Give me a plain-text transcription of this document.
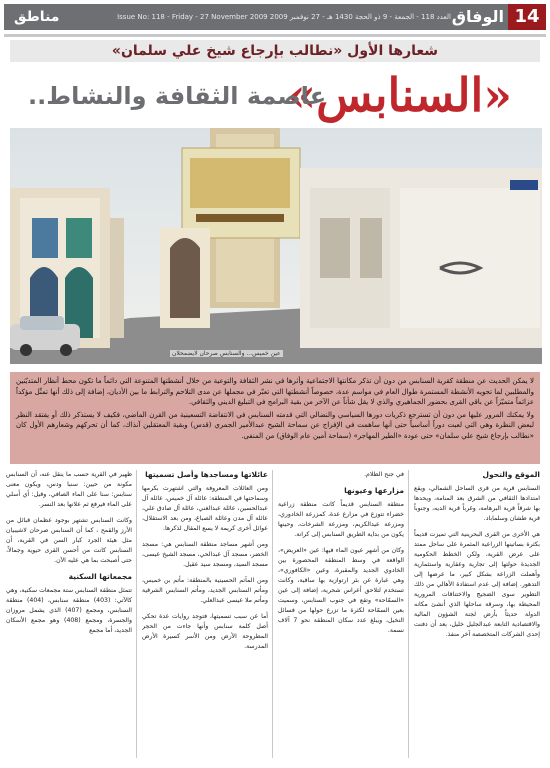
14
الوفاق
العدد 118 - الجمعة - 9 ذو الحجة 1430 هـ - 27 نوفمبر 2009 Issue No: 118 - Friday - 27 November 2009
مناطق
شعارها الأول «نطالب بإرجاع شيخ علي سلمان»
«السنابس»
عاصمة الثقافة والنشاط..
عين خميس... والسنابس صرحان لايضمحلان

لا يمكن الحديث عن منطقة كقرية السنابس من دون أن تذكر مكانتها الاجتماعية وأثرها في نشر الثقافة والتوعية من خلال أنشطتها المتنوعة التي دائماً ما تكون محط أنظار المتديّنين والمطلبين لما تحويه الأنشطة المستمرة طوال العام في مواسم عدة، خصوصاً أنشطتها التي تعبّر في مجملها عن مدى التلاحم والترابط ما بين الأديان، إضافة إلى ذلك أنها تمثّل مؤكداً عزائماً متميّزاً عن باقي القرى بحضور الجماهيري والذي لا يقل شأناً عن الآخر من بقية البرامج في التبليغ الديني والثقافي.

ولا يمكنك المرور عليها من دون أن تسترجع ذكريات دورها السياسي والنضالي التي قدمته السنابس في الانتفاضة التسعينية من القرن الماضي، فكيف لا يستذكر ذلك أو يفتقد النظر لبعض النظرة وهي التي لعبت دوراً أساسياً حتى أنها ساهمت في الإفراج عن سماحة الشيخ عبدالأمير الجمري (قدس) وبقية المعتقلين آنذاك، كما أن تحركهم وشعارهم الأول كان «نطالب بإرجاع شيخ علي سلمان» حتى عودة «الطير المهاجر» (سماحة أمين عام الوفاق) من المنفى.

الموقع والتحول

السنابس قرية من قرى الساحل الشمالي، ويقع امتدادها الثقافي من الشرق بعد المنامة، ويحدها بها شرقاً قرية البرهامة، وغرباً قرية الديه، وجنوباً قرية طشان وسلماباد.

هي الأخرى من القرى البحرينية التي تميزت قديماً بكثرة بساتينها الزراعية المثمرة على ساحل ممتد على عرض القرية، ولكن الخطط الحكومية الجديدة حولتها إلى تجارية وعقارية واستثمارية وأهملت الزراعة بشكل كبير، ما عرضها إلى التدهور. إضافة إلى عدم استفادة الأهالي من ذلك التطوير سوى الضجيج والاختناقات المرورية المحيطة بها، وسرقة ساحلها الذي أنشئ مكانه الدولة حديثاً بأرض لجنة الشؤون المالية والاقتصادية التابعة عبدالجليل خليل، بعد أن دفنت إحدى الشركات المتخصصة آخر منفذ.

في جنح الظلام.

مزارعها وعيونها

منطقة السنابس قديماً كانت منطقة زراعية خضراء تتوزع في مزارع عدة، كمزرعة الخادوري، ومزرعة عيدالكريم، ومزرعة الشرخات، وحينها يكون من بداية الطريق السنابس إلى كرانة.

وكان من أشهر عيون الماء فيها: عين «العريض»، الواقعة في وسط المنطقة المحصورة بين الخادوي الجديد والمقبرة، وعين «الكافوري»، وهي عبارة عن بئر ارتوازية بها ساقية، وكانت تستخدم لتلاحق أعراس شحرية، إضافة إلى عين «السمّاحة» وتقع في جنوب السنابس، وسميت بعين السمّاحة لكثرة ما تزرع حولها من فسائل النخيل، ويبلغ عدد سكان المنطقة نحو 7 آلاف نسمة.

عائلاتها ومساجدها وأصل تسميتها

ومن العائلات المعروفة والتي اشتهرت بكرمها وسماحتها في المنطقة: عائلة آل خميس، عائلة آل عبدالحسين، عائلة عبدالغني، عائلة آل صادق علي، عائلة آل مدن وعائلة الصباغ، ومن بعد الاستقلال، عوائل أخرى كريمة لا يسع المقال لذكرها.

ومن أشهر مساجد منطقة السنابس هي: مسجد الخضر، مسجد آل عبدالحي، مسجد الشيخ عيسى، مسجد السيد، ومسجد سيد عقيل.

ومن المآتم الحسينية بالمنطقة: مأتم بن خميس، ومأتم السنابس الجديد، ومأتم السنابس الشرقية ومأتم ملا عيسى عبدالعلي.

أما عن سبب تسميتها، فتوجد روايات عدة تحكي أصل كلمة سنابس وأنها جاءت من الحجر المطروحة الأرض ومن الأسر كسيرة الأرض المدرسة.

ظهير في القرية حسب ما ينقل عنه، أن السنابس مكونة من حيين: سنبا ودس، ويكون معنى سنابس: سنا على الماء الصافي، وقيل: أي أسلي على الماء فيرفع ثم علانها بعد النسر.

وكانت السنابس تشتهر بوجود عظمان قبائل من الأرز والقمح ، كما أن السنابس صرحان لاشيبيان مثل هيئة الجرد كبار السن في القرية، أن السنابس كانت من أحسن القرى حيوية وجمالاً، حتى أصبحت بما هي عليه الآن.

مجمعاتها السكنية

تتمثل منطقة السنابس ستة مجمعات سكنية، وهي كالآتي: (403) منطقة سنابس، (404) منطقة السنابس، ومجمع (407) الذي يشمل مروزان والجسرة، ومجمع (408) وهو مجمع الأسكان الجديد، أما مجمع
